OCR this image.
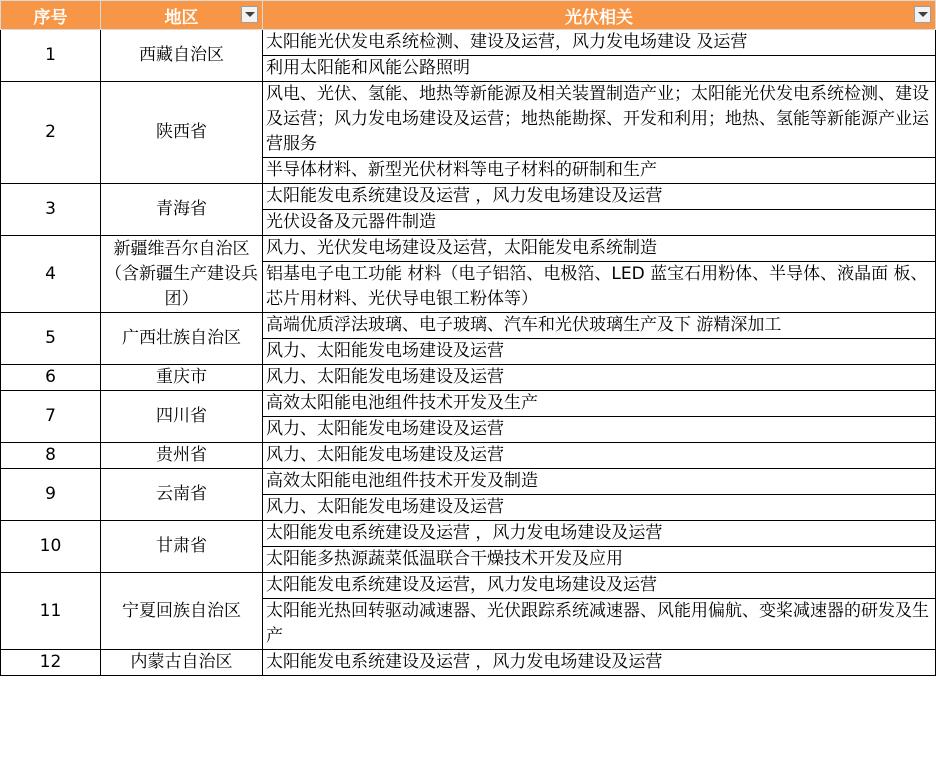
序号	地区	光伏相关

1	西藏自治区	太阳能光伏发电系统检测、建设及运营，风力发电场建设 及运营
		利用太阳能和风能公路照明
2	陕西省	风电、光伏、氢能、地热等新能源及相关装置制造产业；太阳能光伏发电系统检测、建设及运营；风力发电场建设及运营；地热能勘探、开发和利用；地热、氢能等新能源产业运营服务
		半导体材料、新型光伏材料等电子材料的研制和生产
3	青海省	太阳能发电系统建设及运营 ，风力发电场建设及运营
		光伏设备及元器件制造
4	新疆维吾尔自治区（含新疆生产建设兵团）	风力、光伏发电场建设及运营，太阳能发电系统制造
		铝基电子电工功能 材料（电子铝箔、电极箔、LED 蓝宝石用粉体、半导体、液晶面 板、芯片用材料、光伏导电银工粉体等）
5	广西壮族自治区	高端优质浮法玻璃、电子玻璃、汽车和光伏玻璃生产及下 游精深加工
		风力、太阳能发电场建设及运营
6	重庆市	风力、太阳能发电场建设及运营
7	四川省	高效太阳能电池组件技术开发及生产
		风力、太阳能发电场建设及运营
8	贵州省	风力、太阳能发电场建设及运营
9	云南省	高效太阳能电池组件技术开发及制造
		风力、太阳能发电场建设及运营
10	甘肃省	太阳能发电系统建设及运营 ，风力发电场建设及运营
		太阳能多热源蔬菜低温联合干燥技术开发及应用
11	宁夏回族自治区	太阳能发电系统建设及运营，风力发电场建设及运营
		太阳能光热回转驱动减速器、光伏跟踪系统减速器、风能用偏航、变桨减速器的研发及生产
12	内蒙古自治区	太阳能发电系统建设及运营 ，风力发电场建设及运营
